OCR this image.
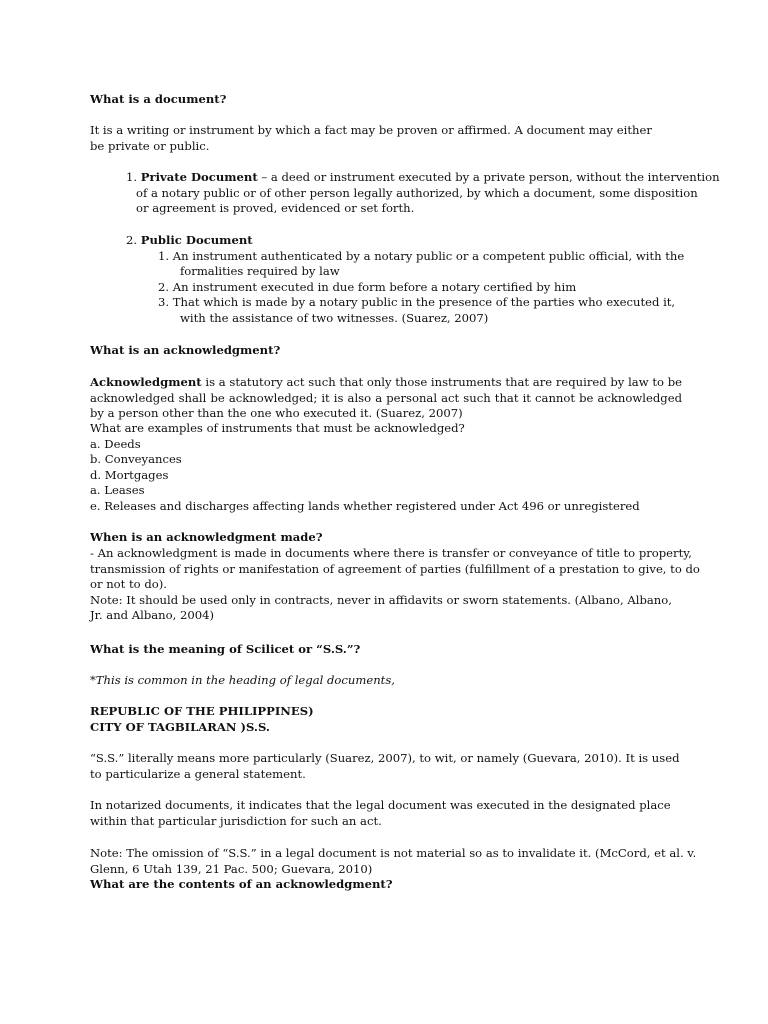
What is a document?

It is a writing or instrument by which a fact may be proven or affirmed. A document may either
be private or public.

1. Private Document – a deed or instrument executed by a private person, without the intervention
of a notary public or of other person legally authorized, by which a document, some disposition
or agreement is proved, evidenced or set forth.

2. Public Document
1. An instrument authenticated by a notary public or a competent public official, with the
formalities required by law
2. An instrument executed in due form before a notary certified by him
3. That which is made by a notary public in the presence of the parties who executed it,
with the assistance of two witnesses. (Suarez, 2007)

What is an acknowledgment?

Acknowledgment is a statutory act such that only those instruments that are required by law to be acknowledged shall be acknowledged; it is also a personal act such that it cannot be acknowledged by a person other than the one who executed it. (Suarez, 2007)

What are examples of instruments that must be acknowledged?
a. Deeds
b. Conveyances
d. Mortgages
a. Leases
e. Releases and discharges affecting lands whether registered under Act 496 or unregistered

When is an acknowledgment made?

- An acknowledgment is made in documents where there is transfer or conveyance of title to property,
transmission of rights or manifestation of agreement of parties (fulfillment of a prestation to give, to do
or not to do).
Note: It should be used only in contracts, never in affidavits or sworn statements. (Albano, Albano,
Jr. and Albano, 2004)

What is the meaning of Scilicet or “S.S.”?

*This is common in the heading of legal documents,

REPUBLIC OF THE PHILIPPINES)
CITY OF TAGBILARAN )S.S.

“S.S.” literally means more particularly (Suarez, 2007), to wit, or namely (Guevara, 2010). It is used
to particularize a general statement.

In notarized documents, it indicates that the legal document was executed in the designated place
within that particular jurisdiction for such an act.

Note: The omission of “S.S.” in a legal document is not material so as to invalidate it. (McCord, et al. v.
Glenn, 6 Utah 139, 21 Pac. 500; Guevara, 2010)

What are the contents of an acknowledgment?
